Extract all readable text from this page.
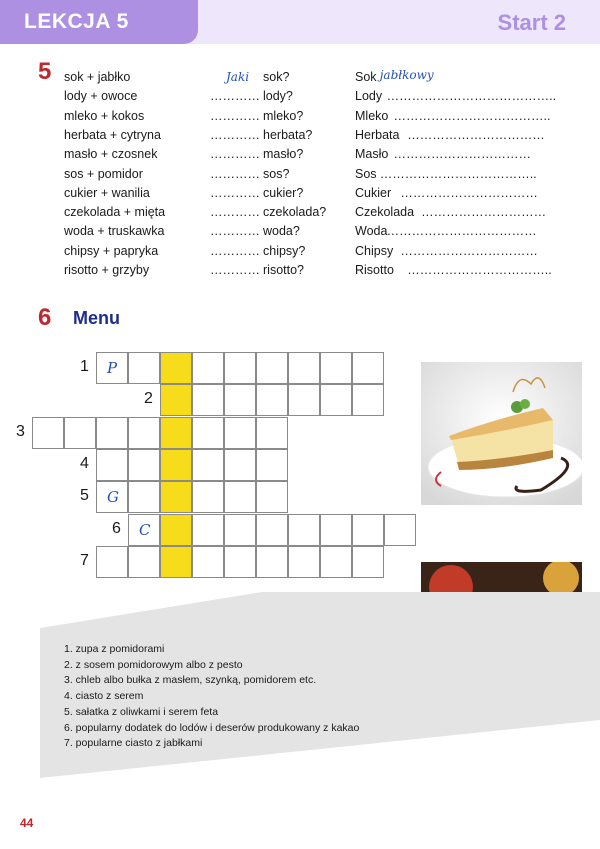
LEKCJA 5	Start 2
5 sok + jabłko	Jaki sok?	Sok jabłkowy
lody + owoce	………… lody?	Lody …………………………………..
mleko + kokos	………… mleko?	Mleko ………………………………..
herbata + cytryna	………… herbata?	Herbata ……………………………
masło + czosnek	………… masło?	Masło ……………………………
sos + pomidor	………… sos?	Sos ………………………………..
cukier + wanilia	………… cukier?	Cukier ……………………………
czekolada + mięta	………… czekolada? Czekolada …………………………
woda + truskawka	………… woda?	Woda ………………………………
chipsy + papryka	………… chipsy?	Chipsy ……………………………
risotto + grzyby	………… risotto?	Risotto ……………………………..
6 Menu
1 P
2
3
4
5 G
6 C
7
1. zupa z pomidorami
2. z sosem pomidorowym albo z pesto
3. chleb albo bułka z masłem, szynką, pomidorem etc.
4. ciasto z serem
5. sałatka z oliwkami i serem feta
6. popularny dodatek do lodów i deserów produkowany z kakao
7. popularne ciasto z jabłkami
44
